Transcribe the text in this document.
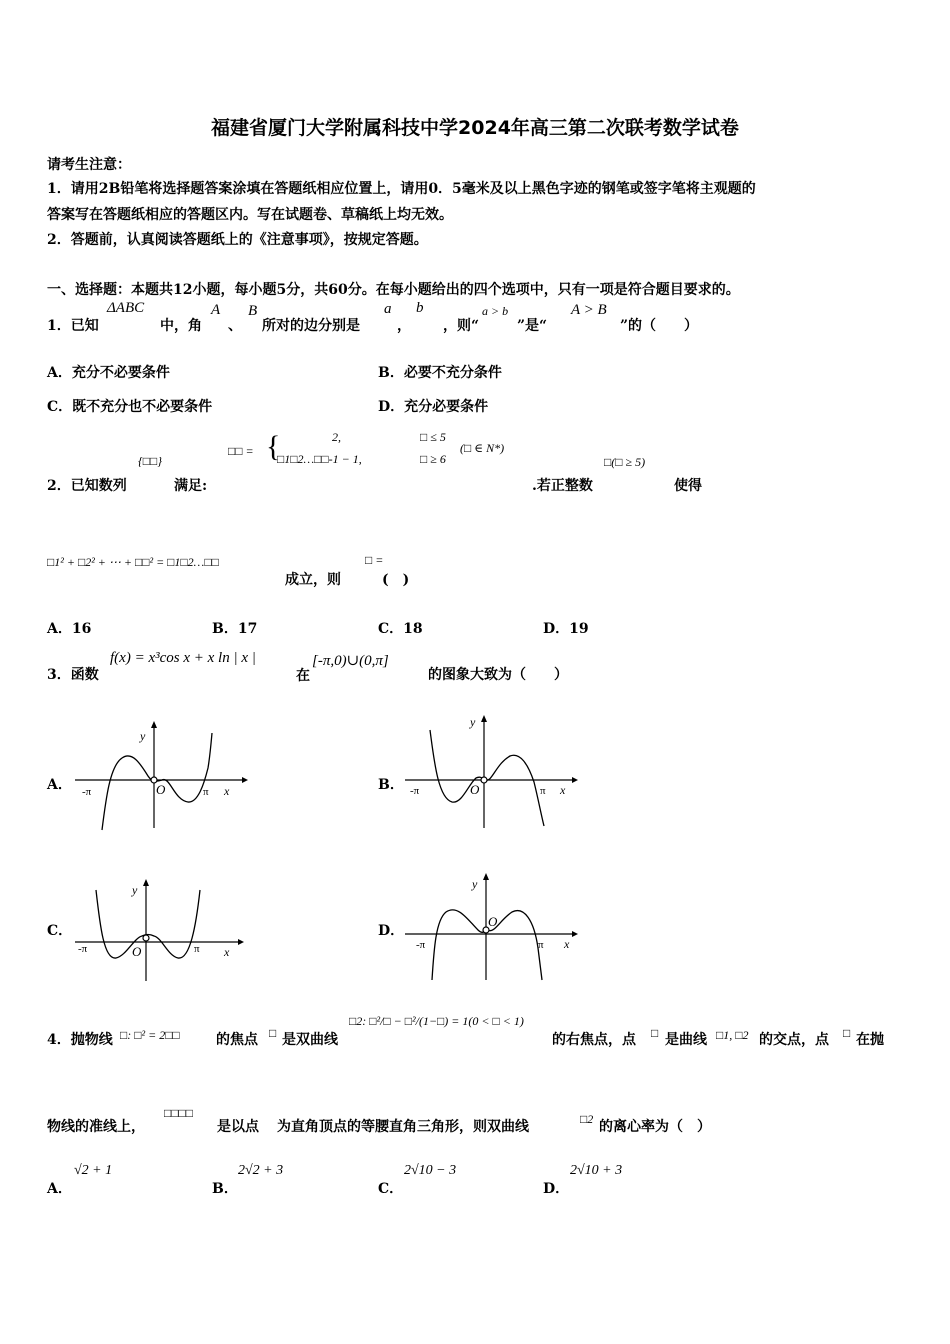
福建省厦门大学附属科技中学2024年高三第二次联考数学试卷
请考生注意：
1．请用2B铅笔将选择题答案涂填在答题纸相应位置上，请用0．5毫米及以上黑色字迹的钢笔或签字笔将主观题的
答案写在答题纸相应的答题区内。写在试题卷、草稿纸上均无效。
2．答题前，认真阅读答题纸上的《注意事项》，按规定答题。
一、选择题：本题共12小题，每小题5分，共60分。在每小题给出的四个选项中，只有一项是符合题目要求的。
1．已知
ΔABC
中，角
A
、
B
所对的边分别是
a
，
b
，则“
a > b
”是“
A > B
”的（　　）
A．充分不必要条件	B．必要不充分条件
C．既不充分也不必要条件	D．充分必要条件
2．已知数列
{□□}
满足:
□□ = {	2,
□1□2…□□-1 − 1,
□ ≤ 5
□ ≥ 6
(□ ∈ N*)
.若正整数
□(□ ≥ 5)
使得
□1² + □2² + ⋯ + □□² = □1□2…□□
成立，则
□ =
(　)
A．16	B．17	C．18	D．19
3．函数
f(x) = x³cos x + x ln | x |
在
[-π,0)∪(0,π]
的图象大致为（　　）
A．	B．
C．	D．
y
x
O
-π	π
y
x
O
-π	π
y
x
O
-π	π
y
x
O
-π	π
4．抛物线 □: □² = 2□□	的焦点 □ 是双曲线
□2: □²/□ − □²/(1−□) = 1(0 < □ < 1)
的右焦点，点 □ 是曲线 □1, □2 的交点，点 □ 在抛
物线的准线上，
□□□□
是以点 为直角顶点的等腰直角三角形，则双曲线	□2 的离心率为（　）
A．
√2 + 1
B．
2√2 + 3
C．
2√10 − 3
D．
2√10 + 3
